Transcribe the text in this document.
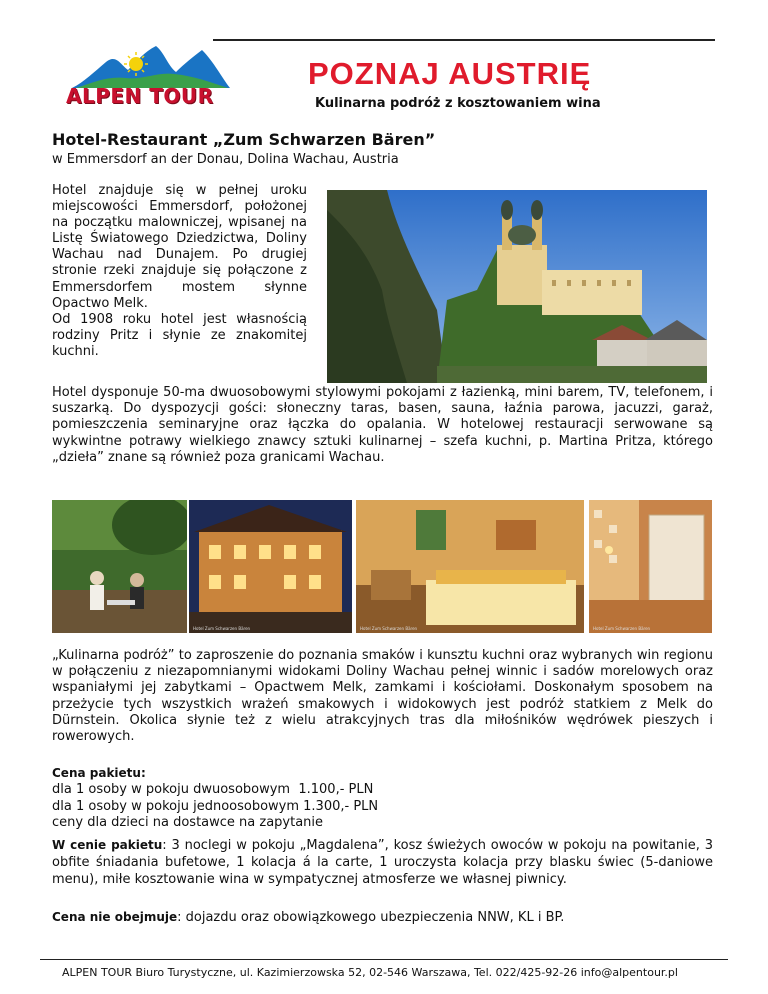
ALPEN TOUR
POZNAJ AUSTRIĘ
Kulinarna podróż z kosztowaniem wina
Hotel-Restaurant „Zum Schwarzen Bären”
w Emmersdorf an der Donau, Dolina Wachau, Austria

Hotel znajduje się w pełnej uroku miejscowości Emmersdorf, położonej na początku malowniczej, wpisanej na Listę Światowego Dziedzictwa, Doliny Wachau nad Dunajem. Po drugiej stronie rzeki znajduje się połączone z Emmersdorfem mostem słynne Opactwo Melk.

Od 1908 roku hotel jest własnością rodziny Pritz i słynie ze znakomitej kuchni.

Hotel dysponuje 50-ma dwuosobowymi stylowymi pokojami z łazienką, mini barem, TV, telefonem, i suszarką. Do dyspozycji gości: słoneczny taras, basen, sauna, łaźnia parowa, jacuzzi, garaż, pomieszczenia seminaryjne oraz łączka do opalania. W hotelowej restauracji serwowane są wykwintne potrawy wielkiego znawcy sztuki kulinarnej – szefa kuchni, p. Martina Pritza, którego „dzieła” znane są również poza granicami Wachau.

Hotel Zum Schwarzen Bären	Hotel Zum Schwarzen Bären	Hotel Zum Schwarzen Bären

„Kulinarna podróż” to zaproszenie do poznania smaków i kunsztu kuchni oraz wybranych win regionu w połączeniu z niezapomnianymi widokami Doliny Wachau pełnej winnic i sadów morelowych oraz wspaniałymi jej zabytkami – Opactwem Melk, zamkami i kościołami. Doskonałym sposobem na przeżycie tych wszystkich wrażeń smakowych i widokowych jest podróż statkiem z Melk do Dürnstein. Okolica słynie też z wielu atrakcyjnych tras dla miłośników wędrówek pieszych i rowerowych.

Cena pakietu:
dla 1 osoby w pokoju dwuosobowym  1.100,- PLN
dla 1 osoby w pokoju jednoosobowym 1.300,- PLN
ceny dla dzieci na dostawce na zapytanie

W cenie pakietu: 3 noclegi w pokoju „Magdalena”, kosz świeżych owoców w pokoju na powitanie, 3 obfite śniadania bufetowe, 1 kolacja á la carte, 1 uroczysta kolacja przy blasku świec (5-daniowe menu), miłe kosztowanie wina w sympatycznej atmosferze we własnej piwnicy.

Cena nie obejmuje: dojazdu oraz obowiązkowego ubezpieczenia NNW, KL i BP.
ALPEN TOUR Biuro Turystyczne, ul. Kazimierzowska 52, 02-546 Warszawa, Tel. 022/425-92-26 info@alpentour.pl
